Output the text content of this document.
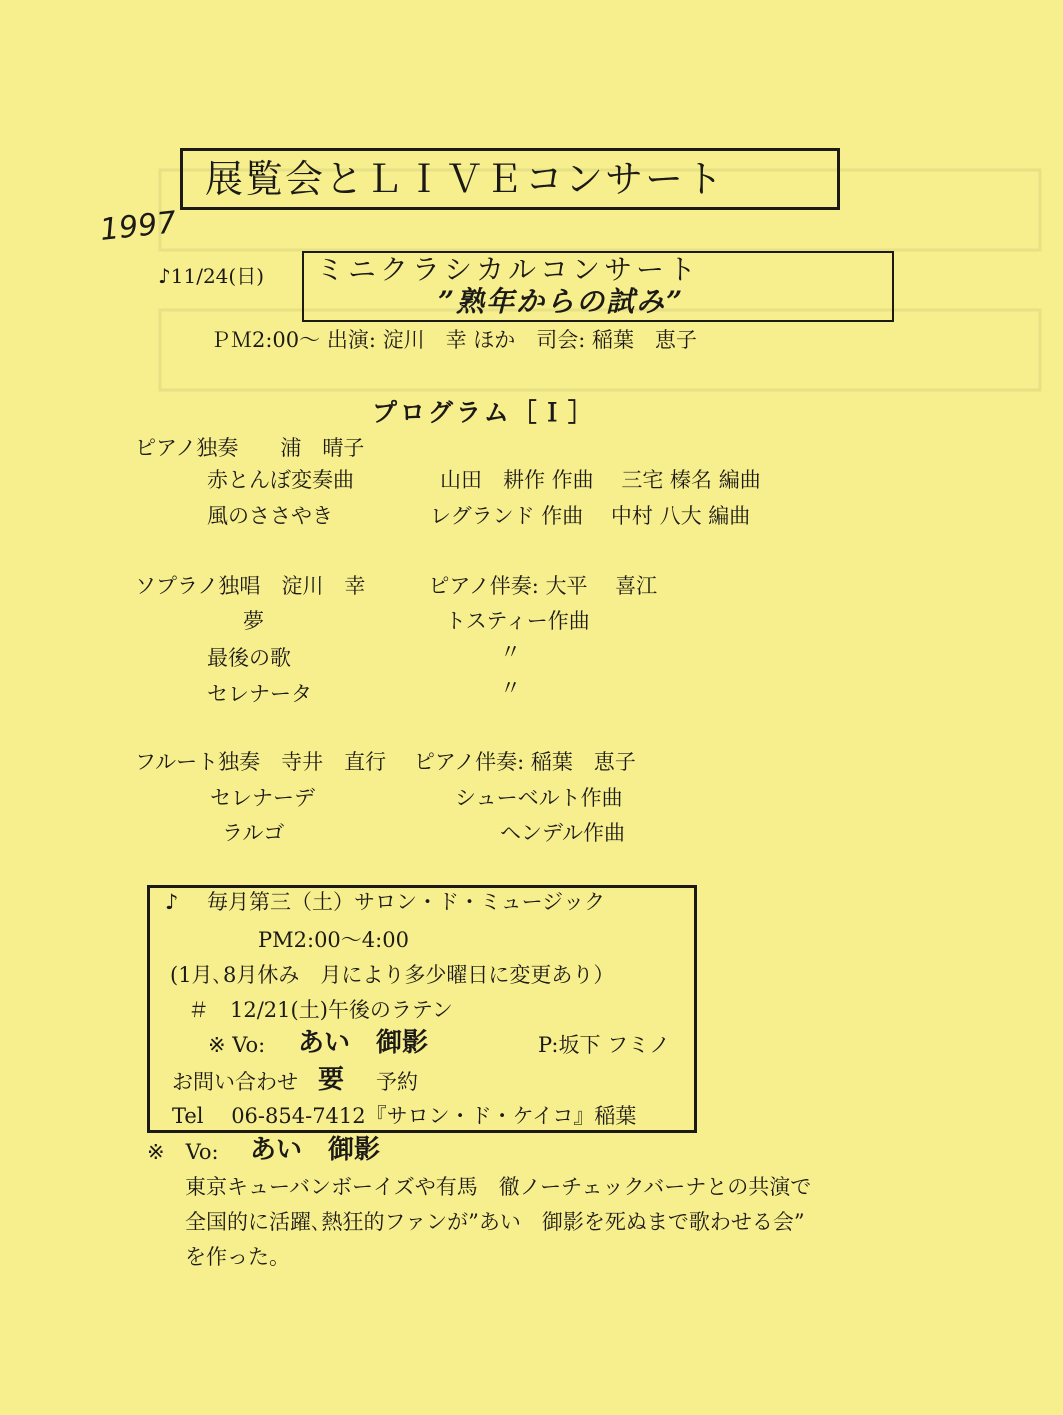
展覧会とＬＩＶＥコンサート
1997
♪11/24(日) ミニクラシカルコンサート
”熟年からの試み”
ＰＭ2:00～ 出演: 淀川　幸 ほか　司会: 稲葉　恵子
プログラム［Ｉ］
ピアノ独奏　　浦　晴子
赤とんぼ変奏曲	山田　耕作 作曲　 三宅 榛名 編曲
風のささやき	レグランド 作曲　 中村 八大 編曲
ソプラノ独唱　淀川　幸　　　ピアノ伴奏: 大平　 喜江
夢	トスティー作曲
最後の歌	〃
セレナータ	〃
フルート独奏　寺井　直行　 ピアノ伴奏: 稲葉　恵子
セレナーデ	シューベルト作曲
ラルゴ	ヘンデル作曲
♪ 毎月第三（土）サロン・ド・ミュージック
PM2:00～4:00
(1月､8月休み　月により多少曜日に変更あり）
＃　12/21(土)午後のラテン
※ Vo: あい　御影	P:坂下 フミノ
お問い合わせ 要 予約
Tel　 06-854-7412『サロン・ド・ケイコ』稲葉
※　Vo: あい　御影
東京キューバンボーイズや有馬　徹ノーチェックバーナとの共演で
全国的に活躍､熱狂的ファンが”あい　御影を死ぬまで歌わせる会”
を作った。
